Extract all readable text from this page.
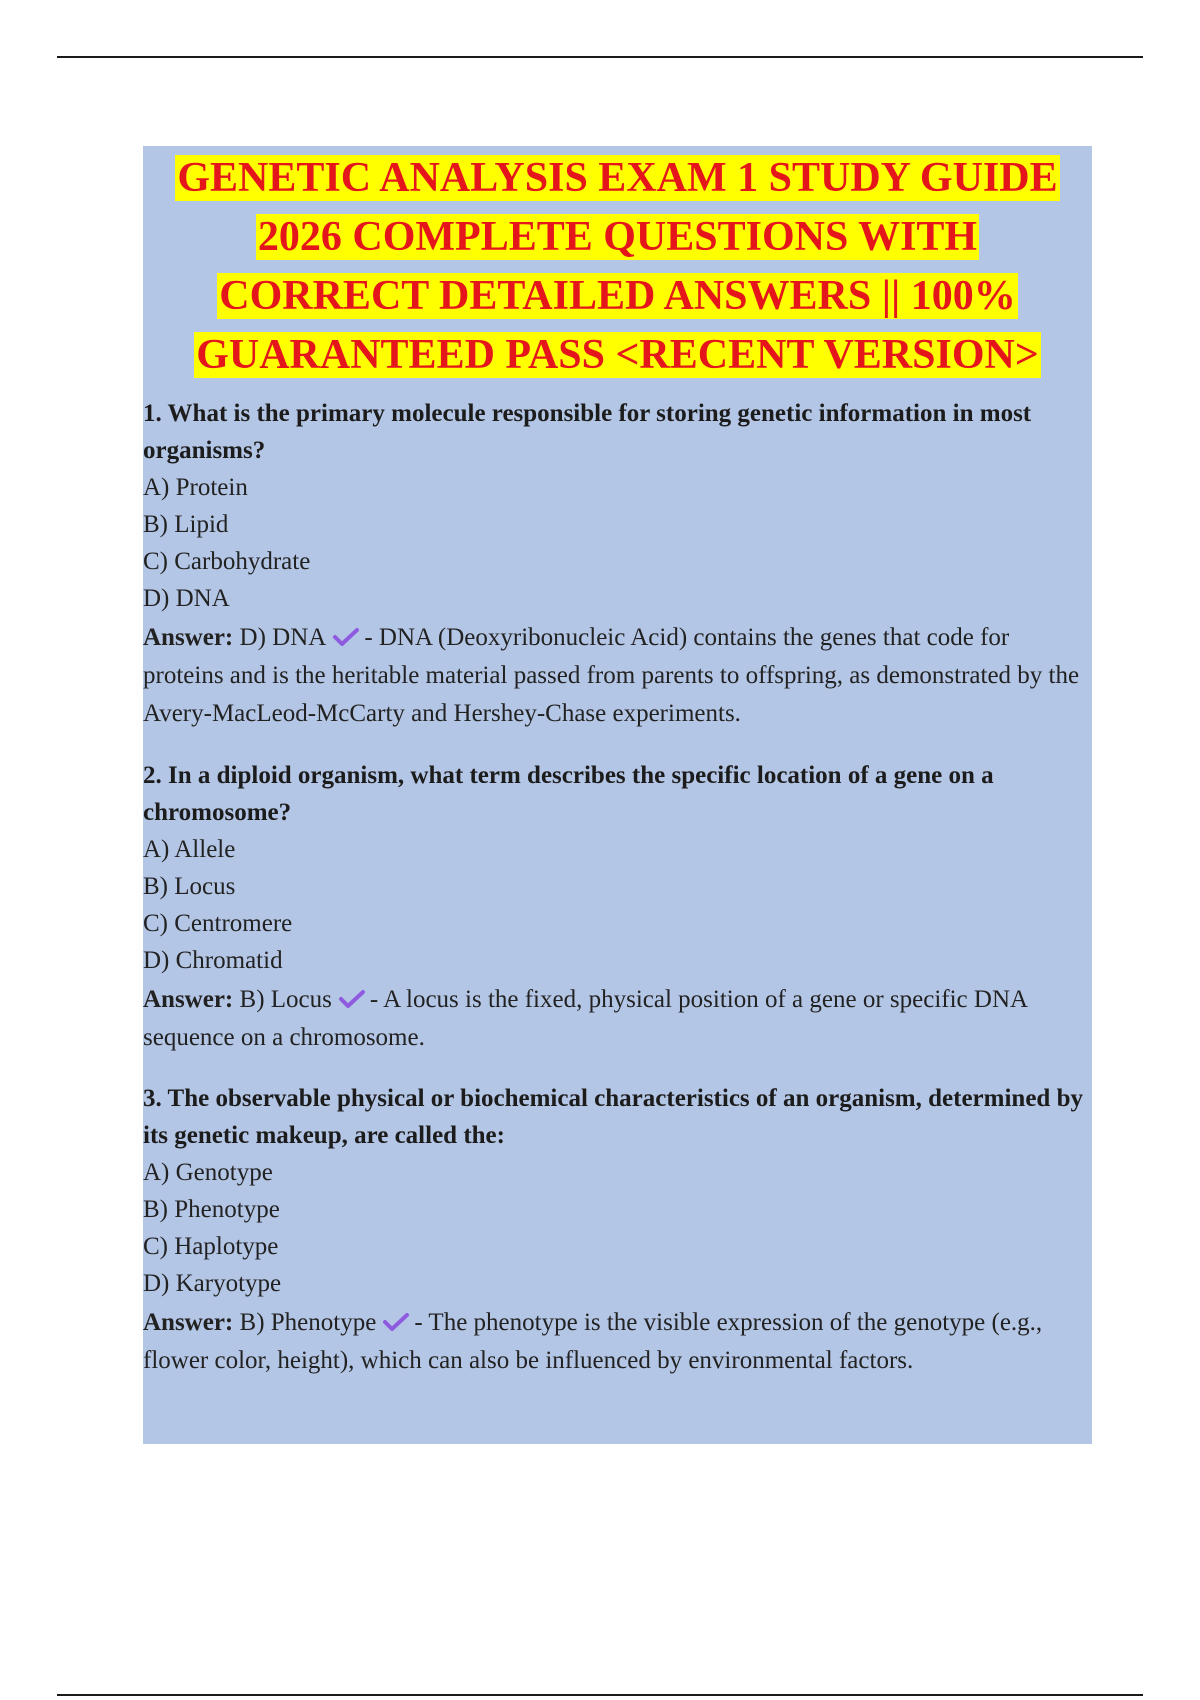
GENETIC ANALYSIS EXAM 1 STUDY GUIDE
2026 COMPLETE QUESTIONS WITH
CORRECT DETAILED ANSWERS || 100%
GUARANTEED PASS <RECENT VERSION>

1. What is the primary molecule responsible for storing genetic information in most organisms?

A) Protein

B) Lipid

C) Carbohydrate

D) DNA

Answer: D) DNA - DNA (Deoxyribonucleic Acid) contains the genes that code for proteins and is the heritable material passed from parents to offspring, as demonstrated by the Avery-MacLeod-McCarty and Hershey-Chase experiments.

2. In a diploid organism, what term describes the specific location of a gene on a chromosome?

A) Allele

B) Locus

C) Centromere

D) Chromatid

Answer: B) Locus - A locus is the fixed, physical position of a gene or specific DNA sequence on a chromosome.

3. The observable physical or biochemical characteristics of an organism, determined by its genetic makeup, are called the:

A) Genotype

B) Phenotype

C) Haplotype

D) Karyotype

Answer: B) Phenotype - The phenotype is the visible expression of the genotype (e.g., flower color, height), which can also be influenced by environmental factors.
